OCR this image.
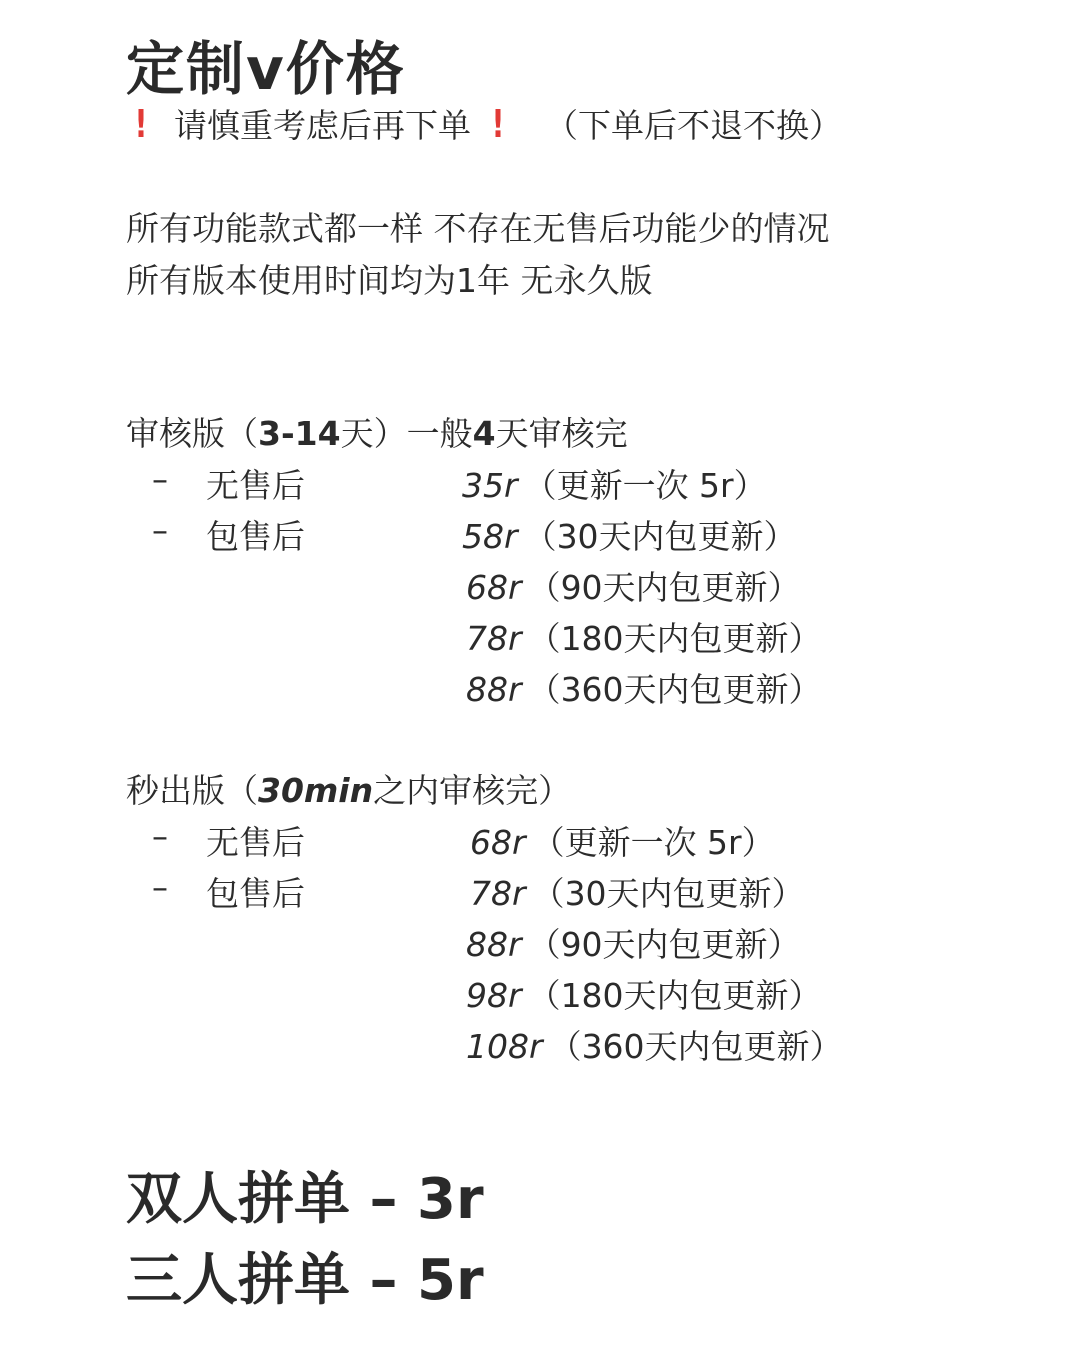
定制v价格
! 请慎重考虑后再下单 ! （下单后不退不换）
所有功能款式都一样 不存在无售后功能少的情况
所有版本使用时间均为1年 无永久版
审核版（3-14天）一般4天审核完
– 无售后
– 包售后
35r （更新一次 5r）
58r （30天内包更新）
68r （90天内包更新）
78r （180天内包更新）
88r （360天内包更新）
秒出版（30min之内审核完）
– 无售后
– 包售后
68r （更新一次 5r）
78r （30天内包更新）
88r （90天内包更新）
98r （180天内包更新）
108r （360天内包更新）
双人拼单 – 3r
三人拼单 – 5r
